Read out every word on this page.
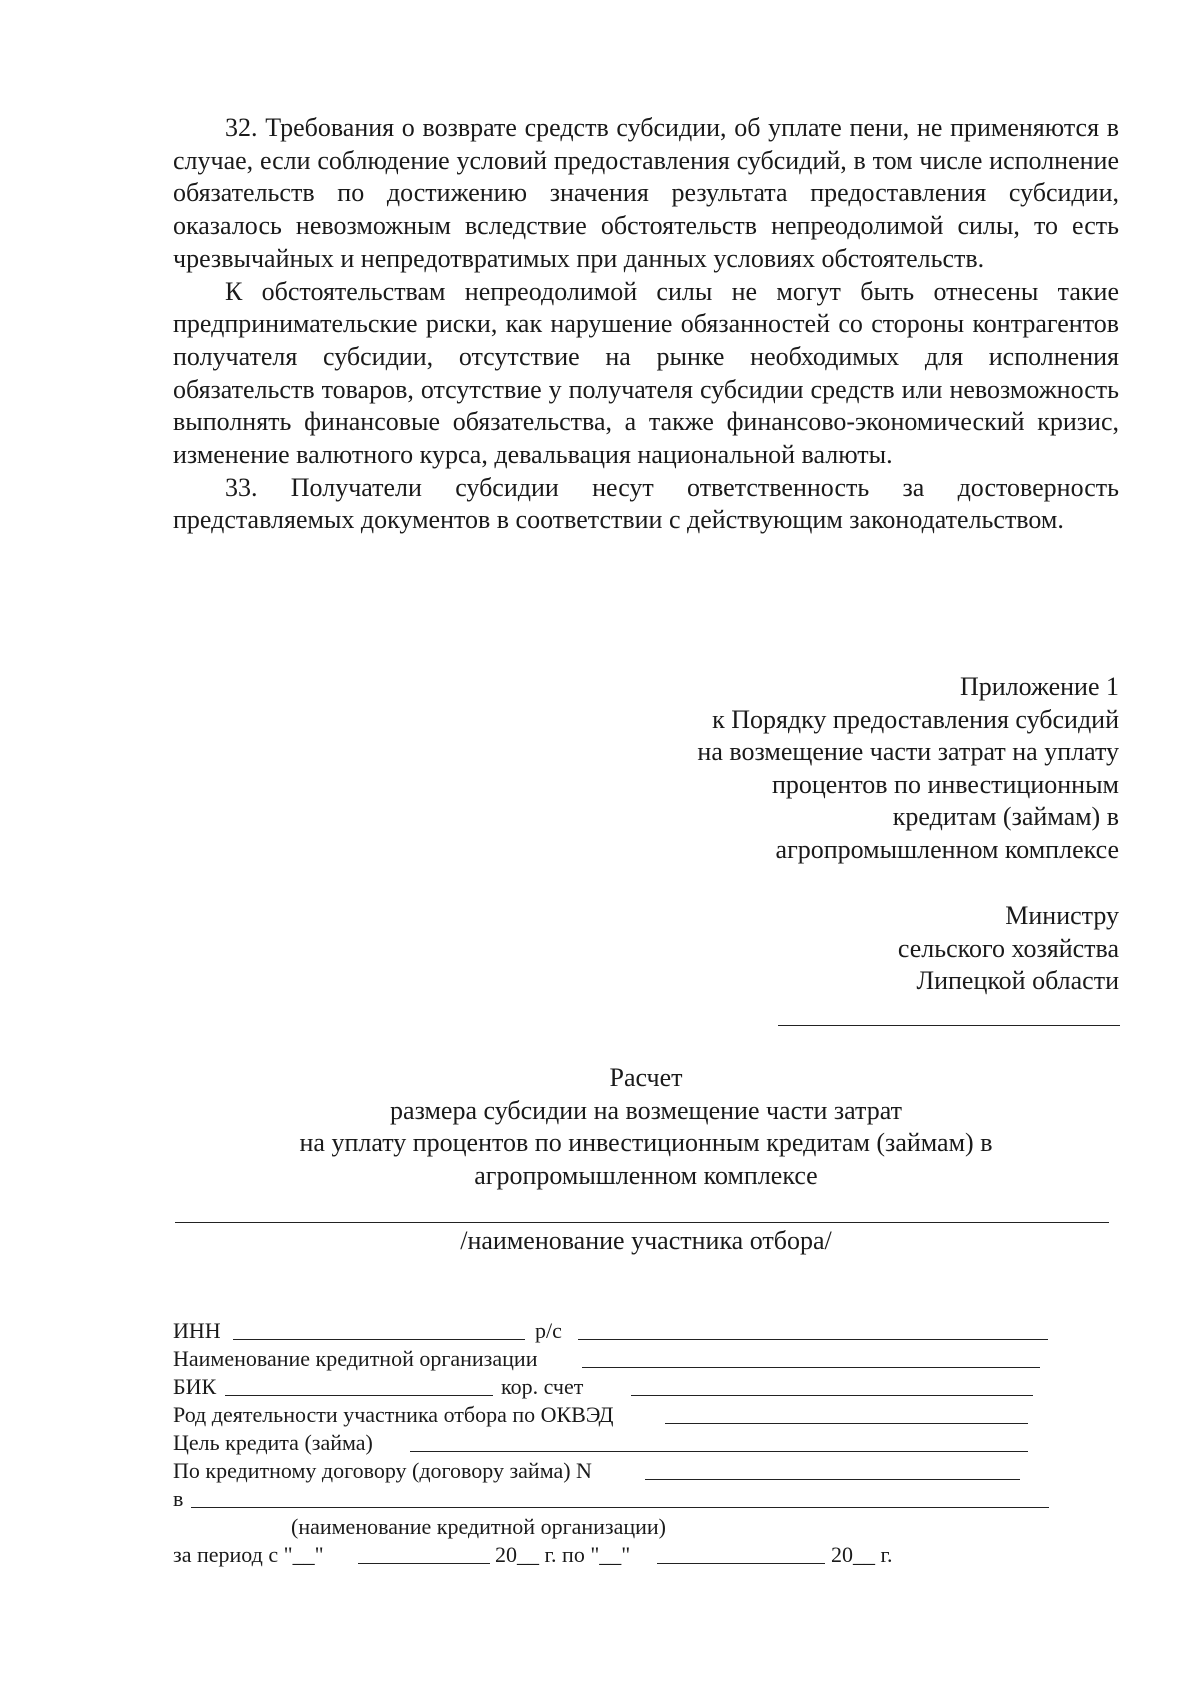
32. Требования о возврате средств субсидии, об уплате пени, не применяются в случае, если соблюдение условий предоставления субсидий, в том числе исполнение обязательств по достижению значения результата предоставления субсидии, оказалось невозможным вследствие обстоятельств непреодолимой силы, то есть чрезвычайных и непредотвратимых при данных условиях обстоятельств.

К обстоятельствам непреодолимой силы не могут быть отнесены такие предпринимательские риски, как нарушение обязанностей со стороны контрагентов получателя субсидии, отсутствие на рынке необходимых для исполнения обязательств товаров, отсутствие у получателя субсидии средств или невозможность выполнять финансовые обязательства, а также финансово-экономический кризис, изменение валютного курса, девальвация национальной валюты.

33. Получатели субсидии несут ответственность за достоверность представляемых документов в соответствии с действующим законодательством.

Приложение 1
к Порядку предоставления субсидий
на возмещение части затрат на уплату
процентов по инвестиционным
кредитам (займам) в
агропромышленном комплексе
Министру
сельского хозяйства
Липецкой области
Расчет
размера субсидии на возмещение части затрат
на уплату процентов по инвестиционным кредитам (займам) в
агропромышленном комплексе
/наименование участника отбора/
ИНН	р/с
Наименование кредитной организации
БИК	кор. счет
Род деятельности участника отбора по ОКВЭД
Цель кредита (займа)
По кредитному договору (договору займа) N
в
(наименование кредитной организации)
за период с "__"	20__ г. по "__"	20__ г.
